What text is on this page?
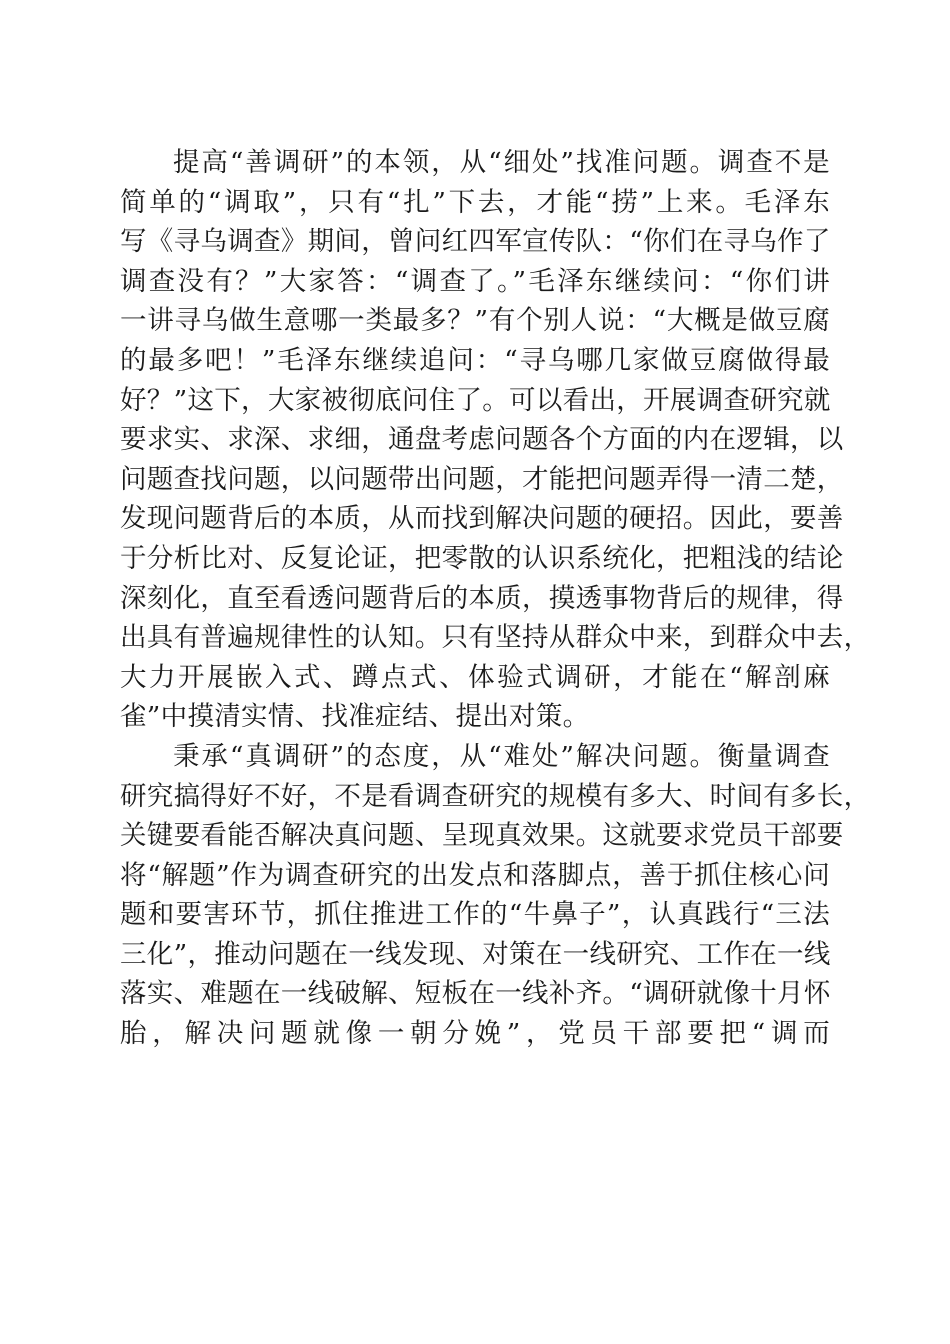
提高“善调研”的本领，从“细处”找准问题。调查不是
简单的“调取”，只有“扎”下去，才能“捞”上来。毛泽东
写《寻乌调查》期间，曾问红四军宣传队：“你们在寻乌作了
调查没有？”大家答：“调查了。”毛泽东继续问：“你们讲
一讲寻乌做生意哪一类最多？”有个别人说：“大概是做豆腐
的最多吧！”毛泽东继续追问：“寻乌哪几家做豆腐做得最
好？”这下，大家被彻底问住了。可以看出，开展调查研究就
要求实、求深、求细，通盘考虑问题各个方面的内在逻辑，以
问题查找问题，以问题带出问题，才能把问题弄得一清二楚，
发现问题背后的本质，从而找到解决问题的硬招。因此，要善
于分析比对、反复论证，把零散的认识系统化，把粗浅的结论
深刻化，直至看透问题背后的本质，摸透事物背后的规律，得
出具有普遍规律性的认知。只有坚持从群众中来，到群众中去，
大力开展嵌入式、蹲点式、体验式调研，才能在“解剖麻
雀”中摸清实情、找准症结、提出对策。
秉承“真调研”的态度，从“难处”解决问题。衡量调查
研究搞得好不好，不是看调查研究的规模有多大、时间有多长，
关键要看能否解决真问题、呈现真效果。这就要求党员干部要
将“解题”作为调查研究的出发点和落脚点，善于抓住核心问
题和要害环节，抓住推进工作的“牛鼻子”，认真践行“三法
三化”，推动问题在一线发现、对策在一线研究、工作在一线
落实、难题在一线破解、短板在一线补齐。“调研就像十月怀
胎，解决问题就像一朝分娩”，党员干部要把“调而
